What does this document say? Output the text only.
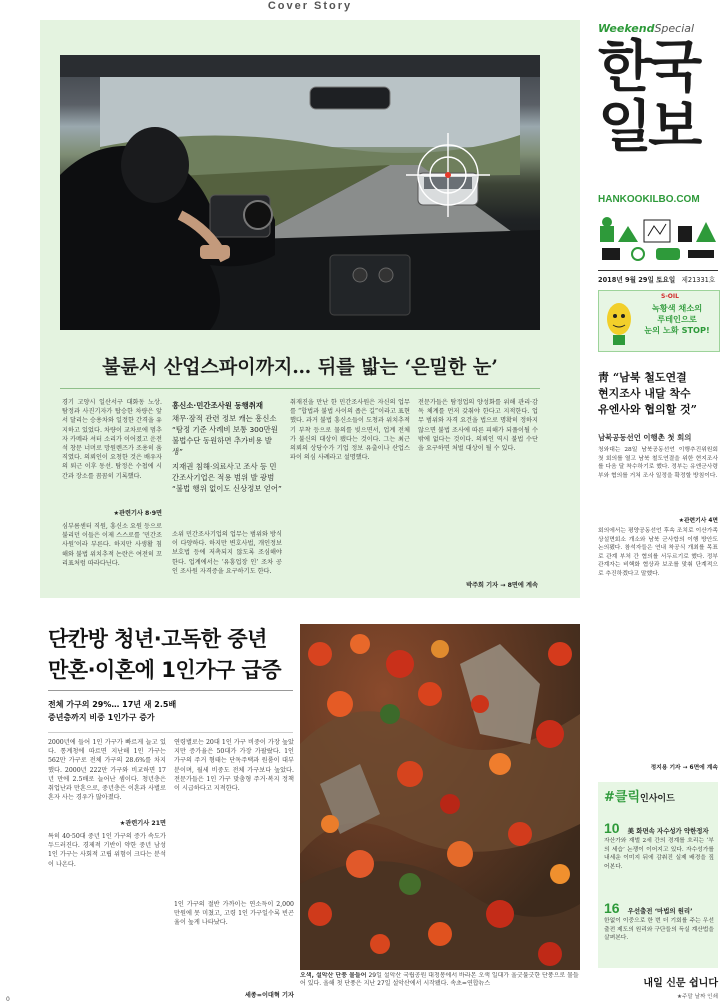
Cover Story
불륜서 산업스파이까지… 뒤를 밟는 ‘은밀한 눈’
경기 고양시 일산서구 대화동 노상. 탐정과 사진기자가 탑승한 차량은 앞서 달리는 승용차와 일정한 간격을 유지하고 있었다. 차량이 교차로에 멈추자 카메라 셔터 소리가 이어졌고 운전석 창문 너머로 망원렌즈가 조용히 움직였다. 의뢰인이 요청한 것은 배우자의 퇴근 이후 동선. 탐정은 수첩에 시간과 장소를 꼼꼼히 기록했다.
★관련기사 8·9면
심부름센터 직원, 흥신소 요원 등으로 불리던 이들은 이제 스스로를 ‘민간조사원’이라 부른다. 하지만 사생활 침해와 불법 위치추적 논란은 여전히 꼬리표처럼 따라다닌다.
흥신소·민간조사원 동행취재
채무·잠적 관련 정보 캐는 흥신소
“탐정 기준 사례비 보통 300만원 불법수단 동원하면 추가비용 발생”
지재권 침해·의료사고 조사 등 민간조사기업은 적용 범위 발 광범
“불법 행위 없이도 신상정보 얻어”
소위 민간조사기업의 업무는 범위와 방식이 다양하다. 하지만 변호사법, 개인정보보호법 등에 저촉되지 않도록 조심해야 한다. 업계에서는 ‘유흥업장 인’ 조차 공인 조사원 자격증을 요구하기도 한다.
취재진을 만난 한 민간조사원은 자신의 업무를 “합법과 불법 사이의 좁은 길”이라고 표현했다. 과거 불법 흥신소들이 도청과 위치추적기 부착 등으로 물의를 빚으면서, 업계 전체가 불신의 대상이 됐다는 것이다. 그는 최근 의뢰의 상당수가 기업 정보 유출이나 산업스파이 의심 사례라고 설명했다.
전문가들은 탐정업의 양성화를 위해 관리·감독 체계를 먼저 갖춰야 한다고 지적한다. 업무 범위와 자격 요건을 법으로 명확히 정하지 않으면 불법 조사에 따른 피해가 되풀이될 수밖에 없다는 것이다. 의뢰인 역시 불법 수단을 요구하면 처벌 대상이 될 수 있다.
박주희 기자 → 8면에 계속
단칸방 청년·고독한 중년
만혼·이혼에 1인가구 급증
전체 가구의 29%… 17년 새 2.5배
중년층까지 비중 1인가구 증가
2000년에 들어 1인 가구가 빠르게 늘고 있다. 통계청에 따르면 지난해 1인 가구는 562만 가구로 전체 가구의 28.6%를 차지했다. 2000년 222만 가구와 비교하면 17년 만에 2.5배로 늘어난 셈이다. 청년층은 취업난과 만혼으로, 중년층은 이혼과 사별로 혼자 사는 경우가 많아졌다.
★관련기사 21면
특히 40·50대 중년 1인 가구의 증가 속도가 두드러진다. 경제적 기반이 약한 중년 남성 1인 가구는 사회적 고립 위험이 크다는 분석이 나온다.
연령별로는 20대 1인 가구 비중이 가장 높았지만 증가율은 50대가 가장 가팔랐다. 1인 가구의 주거 형태는 단독주택과 원룸이 대부분이며, 월세 비중도 전체 가구보다 높았다. 전문가들은 1인 가구 맞춤형 주거·복지 정책이 시급하다고 지적한다.
1인 가구의 절반 가까이는 연소득이 2,000만원에 못 미쳤고, 고령 1인 가구일수록 빈곤율이 높게 나타났다.
세종=이대혁 기자
오색, 설악산 단풍 물들어 29일 설악산 국립공원 대청봉에서 바라본 오색 일대가 울긋불긋한 단풍으로 물들어 있다. 올해 첫 단풍은 지난 27일 설악산에서 시작됐다. 속초=연합뉴스
0
WeekendSpecial
한국
일보
HANKOOKILBO.COM
2018년 9월 29일 토요일 제21331호
S-OIL
녹황색 채소의
루테인으로
눈의 노화 STOP!
靑 “남북 철도연결
현지조사 내달 착수
유엔사와 협의할 것”
남북공동선언 이행촌 첫 회의
청와대는 28일 남북공동선언 이행추진위원회 첫 회의를 열고 남북 철도연결을 위한 현지조사를 다음 달 착수하기로 했다. 정부는 유엔군사령부와 협의를 거쳐 조사 일정을 확정할 방침이다.
★관련기사 4면
회의에서는 평양공동선언 후속 조치로 이산가족 상설면회소 개소와 남북 군사합의 이행 방안도 논의됐다. 참석자들은 연내 착공식 개최를 목표로 관계 부처 간 협의를 서두르기로 했다. 정부 관계자는 비핵화 협상과 보조를 맞춰 단계적으로 추진하겠다고 말했다.
정지용 기자 → 6면에 계속
#클릭인사이드
10 美 화면속 자수성가 약한정자
자산가와 재벌 2세 간의 경계를 흐리는 ‘부의 세습’ 논쟁이 이어지고 있다. 자수성가를 내세운 이미지 뒤에 감춰진 실제 배경을 짚어본다.
16 우선출전 ‘마법의 원리’
한없이 이중으로 한 번 더 기회를 주는 우선출전 제도의 원리와 구단들의 득실 계산법을 살펴본다.
내일 신문 쉽니다
★주말 날짜 인쇄
